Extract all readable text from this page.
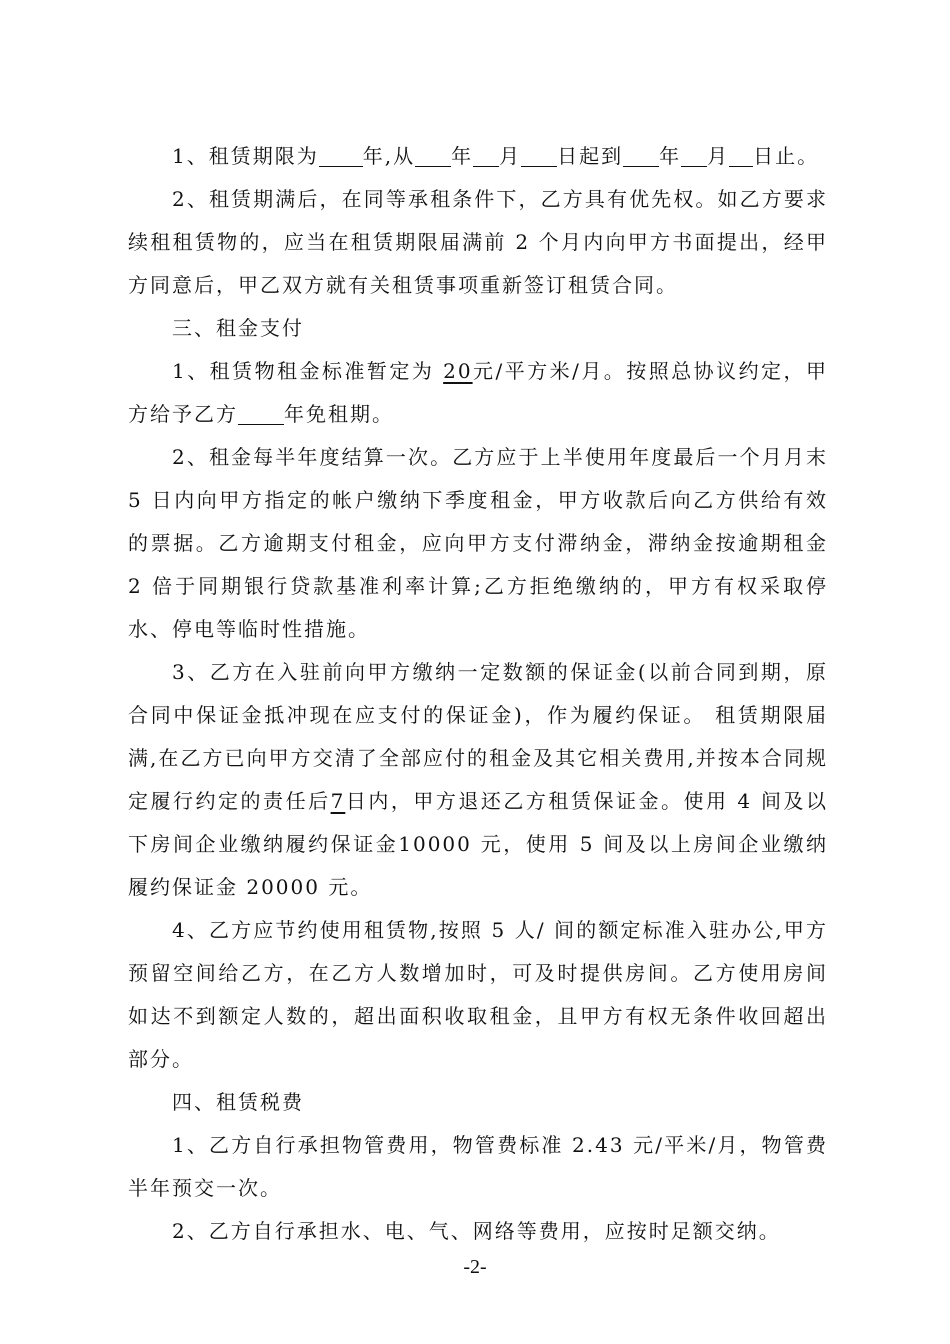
1、租赁期限为 年,从 年 月 日起到 年 月 日止。

2、租赁期满后，在同等承租条件下，乙方具有优先权。如乙方要求续租租赁物的，应当在租赁期限届满前 2 个月内向甲方书面提出，经甲方同意后，甲乙双方就有关租赁事项重新签订租赁合同。

三、租金支付

1、租赁物租金标准暂定为 20元/平方米/月。按照总协议约定，甲方给予乙方 年免租期。

2、租金每半年度结算一次。乙方应于上半使用年度最后一个月月末 5 日内向甲方指定的帐户缴纳下季度租金，甲方收款后向乙方供给有效的票据。乙方逾期支付租金，应向甲方支付滞纳金，滞纳金按逾期租金 2 倍于同期银行贷款基准利率计算;乙方拒绝缴纳的，甲方有权采取停水、停电等临时性措施。

3、乙方在入驻前向甲方缴纳一定数额的保证金(以前合同到期，原合同中保证金抵冲现在应支付的保证金)，作为履约保证。 租赁期限届满,在乙方已向甲方交清了全部应付的租金及其它相关费用,并按本合同规定履行约定的责任后7日内，甲方退还乙方租赁保证金。使用 4 间及以下房间企业缴纳履约保证金10000 元，使用 5 间及以上房间企业缴纳履约保证金 20000 元。

4、乙方应节约使用租赁物,按照 5 人/ 间的额定标准入驻办公,甲方预留空间给乙方，在乙方人数增加时，可及时提供房间。乙方使用房间如达不到额定人数的，超出面积收取租金，且甲方有权无条件收回超出部分。

四、租赁税费

1、乙方自行承担物管费用，物管费标准 2.43 元/平米/月，物管费半年预交一次。

2、乙方自行承担水、电、气、网络等费用，应按时足额交纳。

-2-
